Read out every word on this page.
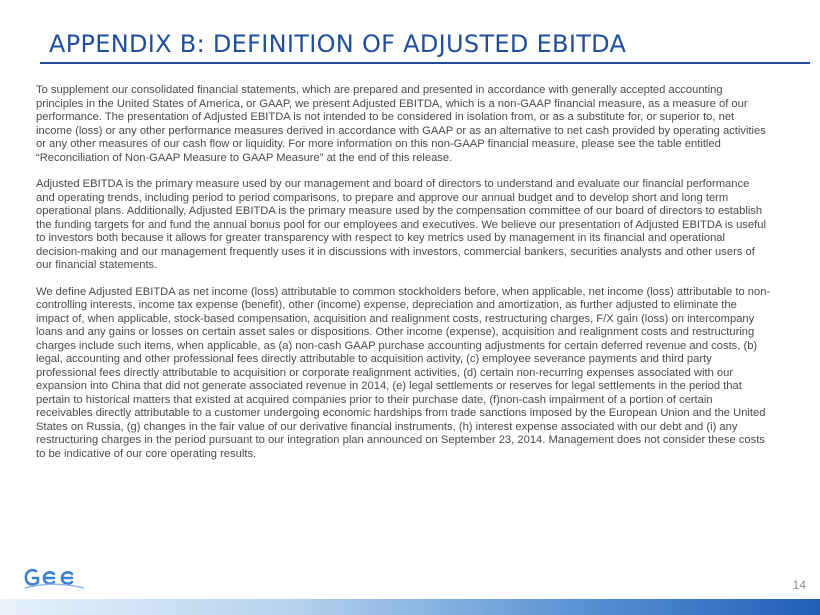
APPENDIX B: DEFINITION OF ADJUSTED EBITDA

To supplement our consolidated financial statements, which are prepared and presented in accordance with generally accepted accounting principles in the United States of America, or GAAP, we present Adjusted EBITDA, which is a non-GAAP financial measure, as a measure of our performance. The presentation of Adjusted EBITDA is not intended to be considered in isolation from, or as a substitute for, or superior to, net income (loss) or any other performance measures derived in accordance with GAAP or as an alternative to net cash provided by operating activities or any other measures of our cash flow or liquidity. For more information on this non-GAAP financial measure, please see the table entitled “Reconciliation of Non-GAAP Measure to GAAP Measure” at the end of this release.

Adjusted EBITDA is the primary measure used by our management and board of directors to understand and evaluate our financial performance and operating trends, including period to period comparisons, to prepare and approve our annual budget and to develop short and long term operational plans. Additionally, Adjusted EBITDA is the primary measure used by the compensation committee of our board of directors to establish the funding targets for and fund the annual bonus pool for our employees and executives. We believe our presentation of Adjusted EBITDA is useful to investors both because it allows for greater transparency with respect to key metrics used by management in its financial and operational decision-making and our management frequently uses it in discussions with investors, commercial bankers, securities analysts and other users of our financial statements.

We define Adjusted EBITDA as net income (loss) attributable to common stockholders before, when applicable, net income (loss) attributable to non-controlling interests, income tax expense (benefit), other (income) expense, depreciation and amortization, as further adjusted to eliminate the impact of, when applicable, stock-based compensation, acquisition and realignment costs, restructuring charges, F/X gain (loss) on intercompany loans and any gains or losses on certain asset sales or dispositions. Other income (expense), acquisition and realignment costs and restructuring charges include such items, when applicable, as (a) non-cash GAAP purchase accounting adjustments for certain deferred revenue and costs, (b) legal, accounting and other professional fees directly attributable to acquisition activity, (c) employee severance payments and third party professional fees directly attributable to acquisition or corporate realignment activities, (d) certain non-recurring expenses associated with our expansion into China that did not generate associated revenue in 2014, (e) legal settlements or reserves for legal settlements in the period that pertain to historical matters that existed at acquired companies prior to their purchase date, (f)non-cash impairment of a portion of certain receivables directly attributable to a customer undergoing economic hardships from trade sanctions imposed by the European Union and the United States on Russia, (g) changes in the fair value of our derivative financial instruments, (h) interest expense associated with our debt and (i) any restructuring charges in the period pursuant to our integration plan announced on September 23, 2014. Management does not consider these costs to be indicative of our core operating results.

14
